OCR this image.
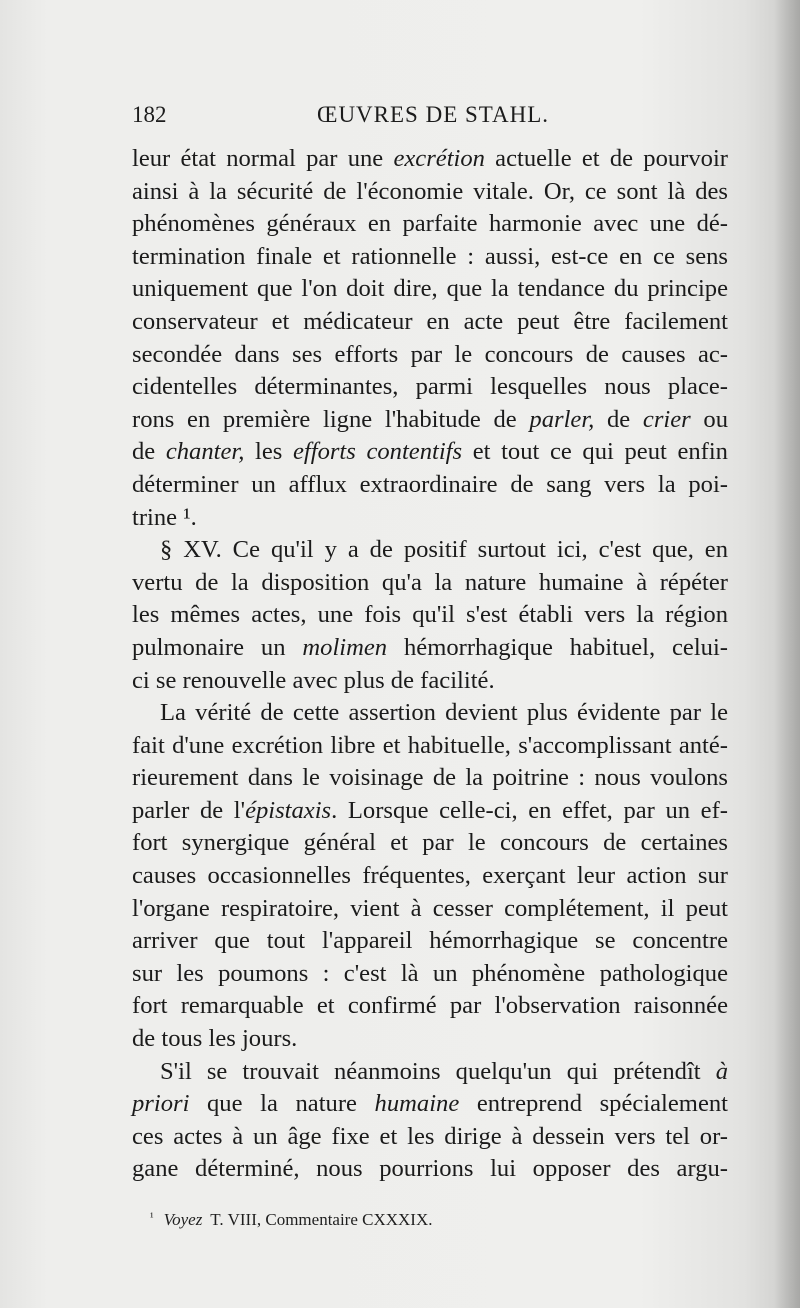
182	ŒUVRES DE STAHL.
leur état normal par une excrétion actuelle et de pourvoir
ainsi à la sécurité de l'économie vitale. Or, ce sont là des
phénomènes généraux en parfaite harmonie avec une dé-
termination finale et rationnelle : aussi, est-ce en ce sens
uniquement que l'on doit dire, que la tendance du principe
conservateur et médicateur en acte peut être facilement
secondée dans ses efforts par le concours de causes ac-
cidentelles déterminantes, parmi lesquelles nous place-
rons en première ligne l'habitude de parler, de crier ou
de chanter, les efforts contentifs et tout ce qui peut enfin
déterminer un afflux extraordinaire de sang vers la poi-
trine ¹.
§ XV. Ce qu'il y a de positif surtout ici, c'est que, en
vertu de la disposition qu'a la nature humaine à répéter
les mêmes actes, une fois qu'il s'est établi vers la région
pulmonaire un molimen hémorrhagique habituel, celui-
ci se renouvelle avec plus de facilité.
La vérité de cette assertion devient plus évidente par le
fait d'une excrétion libre et habituelle, s'accomplissant anté-
rieurement dans le voisinage de la poitrine : nous voulons
parler de l'épistaxis. Lorsque celle-ci, en effet, par un ef-
fort synergique général et par le concours de certaines
causes occasionnelles fréquentes, exerçant leur action sur
l'organe respiratoire, vient à cesser complétement, il peut
arriver que tout l'appareil hémorrhagique se concentre
sur les poumons : c'est là un phénomène pathologique
fort remarquable et confirmé par l'observation raisonnée
de tous les jours.
S'il se trouvait néanmoins quelqu'un qui prétendît à
priori que la nature humaine entreprend spécialement
ces actes à un âge fixe et les dirige à dessein vers tel or-
gane déterminé, nous pourrions lui opposer des argu-
$^{^1}$ Voyez T. VIII, Commentaire CXXXIX.
